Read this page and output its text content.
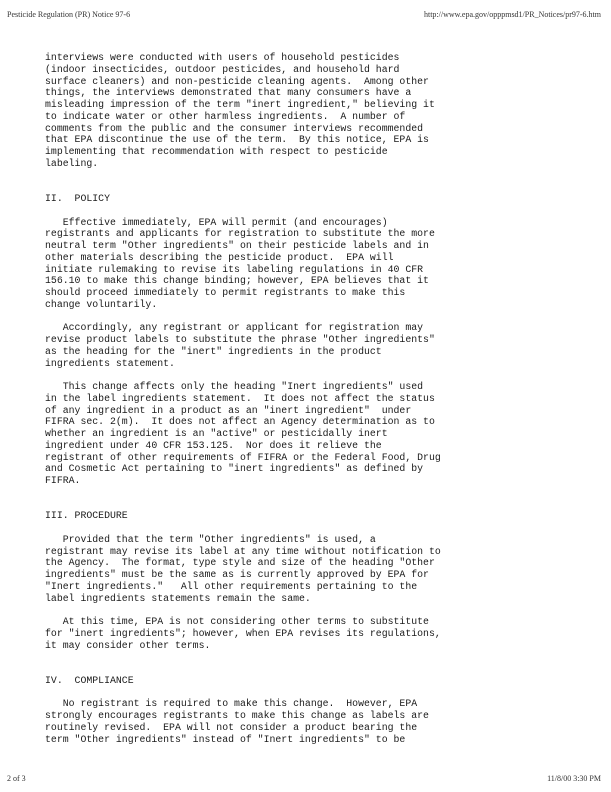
Pesticide Regulation (PR) Notice 97-6	http://www.epa.gov/opppmsd1/PR_Notices/pr97-6.htm
interviews were conducted with users of household pesticides
(indoor insecticides, outdoor pesticides, and household hard
surface cleaners) and non-pesticide cleaning agents.  Among other
things, the interviews demonstrated that many consumers have a
misleading impression of the term "inert ingredient," believing it
to indicate water or other harmless ingredients.  A number of
comments from the public and the consumer interviews recommended
that EPA discontinue the use of the term.  By this notice, EPA is
implementing that recommendation with respect to pesticide
labeling.
II.  POLICY
Effective immediately, EPA will permit (and encourages)
registrants and applicants for registration to substitute the more
neutral term "Other ingredients" on their pesticide labels and in
other materials describing the pesticide product.  EPA will
initiate rulemaking to revise its labeling regulations in 40 CFR
156.10 to make this change binding; however, EPA believes that it
should proceed immediately to permit registrants to make this
change voluntarily.
Accordingly, any registrant or applicant for registration may
revise product labels to substitute the phrase "Other ingredients"
as the heading for the "inert" ingredients in the product
ingredients statement.
This change affects only the heading "Inert ingredients" used
in the label ingredients statement.  It does not affect the status
of any ingredient in a product as an "inert ingredient"  under
FIFRA sec. 2(m).  It does not affect an Agency determination as to
whether an ingredient is an "active" or pesticidally inert
ingredient under 40 CFR 153.125.  Nor does it relieve the
registrant of other requirements of FIFRA or the Federal Food, Drug
and Cosmetic Act pertaining to "inert ingredients" as defined by
FIFRA.
III. PROCEDURE
Provided that the term "Other ingredients" is used, a
registrant may revise its label at any time without notification to
the Agency.  The format, type style and size of the heading "Other
ingredients" must be the same as is currently approved by EPA for
"Inert ingredients."   All other requirements pertaining to the
label ingredients statements remain the same.
At this time, EPA is not considering other terms to substitute
for "inert ingredients"; however, when EPA revises its regulations,
it may consider other terms.
IV.  COMPLIANCE
No registrant is required to make this change.  However, EPA
strongly encourages registrants to make this change as labels are
routinely revised.  EPA will not consider a product bearing the
term "Other ingredients" instead of "Inert ingredients" to be
2 of 3	11/8/00 3:30 PM
